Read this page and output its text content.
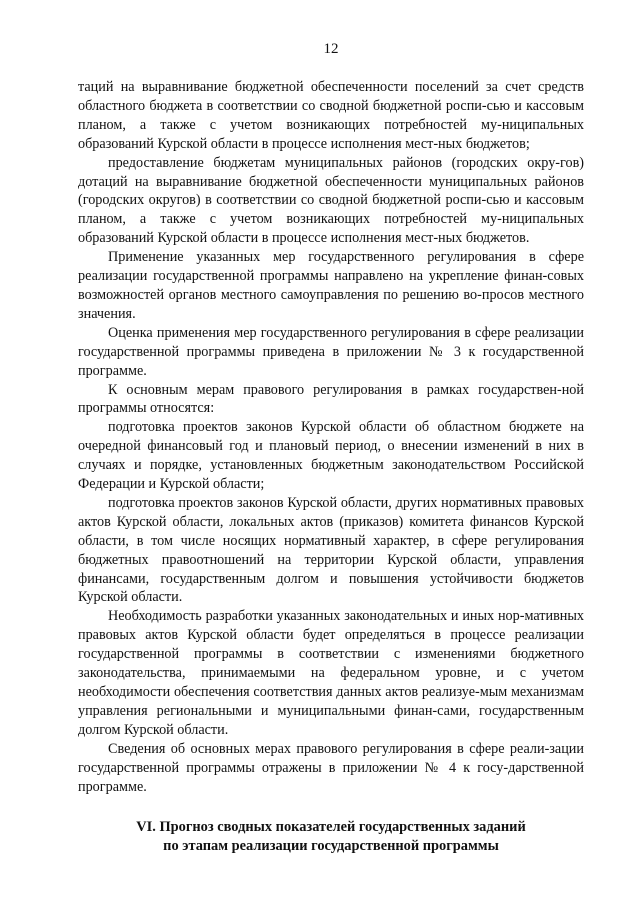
12

таций на выравнивание бюджетной обеспеченности поселений за счет средств областного бюджета в соответствии со сводной бюджетной роспи-сью и кассовым планом, а также с учетом возникающих потребностей му-ниципальных образований Курской области в процессе исполнения мест-ных бюджетов;

предоставление бюджетам муниципальных районов (городских окру-гов) дотаций на выравнивание бюджетной обеспеченности муниципальных районов (городских округов) в соответствии со сводной бюджетной роспи-сью и кассовым планом, а также с учетом возникающих потребностей му-ниципальных образований Курской области в процессе исполнения мест-ных бюджетов.

Применение указанных мер государственного регулирования в сфере реализации государственной программы направлено на укрепление финан-совых возможностей органов местного самоуправления по решению во-просов местного значения.

Оценка применения мер государственного регулирования в сфере реализации государственной программы приведена в приложении № 3 к государственной программе.

К основным мерам правового регулирования в рамках государствен-ной программы относятся:

подготовка проектов законов Курской области об областном бюджете на очередной финансовый год и плановый период, о внесении изменений в них в случаях и порядке, установленных бюджетным законодательством Российской Федерации и Курской области;

подготовка проектов законов Курской области, других нормативных правовых актов Курской области, локальных актов (приказов) комитета финансов Курской области, в том числе носящих нормативный характер, в сфере регулирования бюджетных правоотношений на территории Курской области, управления финансами, государственным долгом и повышения устойчивости бюджетов Курской области.

Необходимость разработки указанных законодательных и иных нор-мативных правовых актов Курской области будет определяться в процессе реализации государственной программы в соответствии с изменениями бюджетного законодательства, принимаемыми на федеральном уровне, и с учетом необходимости обеспечения соответствия данных актов реализуе-мым механизмам управления региональными и муниципальными финан-сами, государственным долгом Курской области.

Сведения об основных мерах правового регулирования в сфере реали-зации государственной программы отражены в приложении № 4 к госу-дарственной программе.

VI. Прогноз сводных показателей государственных заданий
по этапам реализации государственной программы
